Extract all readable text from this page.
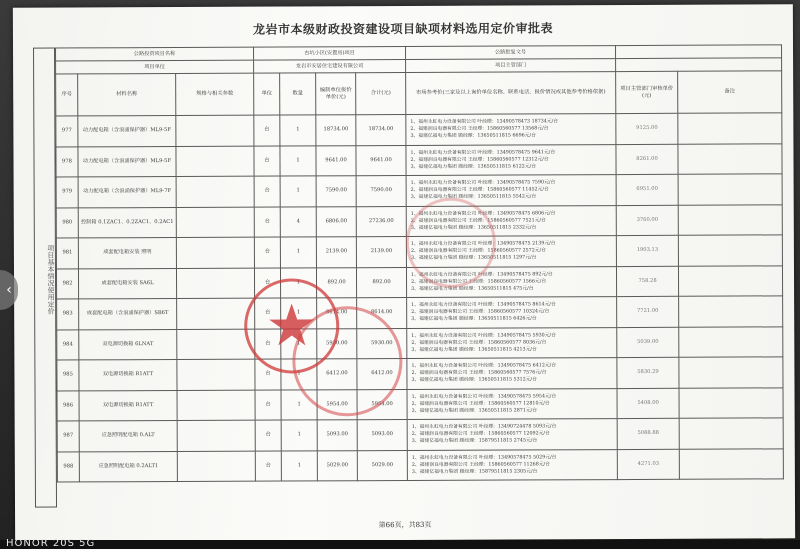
龙岩市本级财政投资建设项目缺项材料选用定价审批表
项目基本情况使用定价
公路投资项目名称			古坑小区(安置房)项目				公路批复文号		
项目单位			龙岩市安居住宅建设有限公司				项目主管部门		
序号	材料名称	规格与相关参数	单位	数量	编制单位报价单价(元)	合计(元)	市场参考价(三家及以上询价单位名称、联系电话、报价情况或其他参考价格依据)	项目主管部门审核单价(元)	备注
977	动力配电箱（含浪涌保护器）ML9-5F		台	1	18734.00	18734.00	1、福州永虹电力设备有限公司 叶经理：13490578473 18734元/台
2、福建润良电器有限公司 王经理：15860560577 13568元/台
3、福建亿福电力集团 顾经理：13650511815 6696元/台	9125.00	
978	动力配电箱（含浪涌保护器）ML9-5F		台	1	9641.00	9641.00	1、福州永虹电力设备有限公司 叶经理：13490578475 9641元/台
2、福建润良电器有限公司 王经理：15860560577 12312元/台
3、福建亿福电力集团 顾经理：13650511815 6122元/台	8261.00	
979	动力配电箱（含浪涌保护器）ML9-7F		台	1	7590.00	7590.00	1、福州永虹电力设备有限公司 叶经理：13490578475 7590元/台
2、福建润良电器有限公司 王经理：15860560577 11452元/台
3、福建亿福电力集团 顾经理：13650511815 5542元/台	6951.00	
980	控制箱 0.1ZAC1、0.2ZAC1、0.2AC1		台	4	6806.00	27236.00	1、福州永虹电力设备有限公司 叶经理：13490578475 6806元/台
2、福建润良电器有限公司 王经理：15860560577 7521元/台
3、福建亿福电力集团 顾经理：13650511815 2332元/台	3760.00	
981	成套配电箱安装 照明		台	1	2139.00	2139.00	1、福州永虹电力设备有限公司 叶经理：13490578475 2139元/台
2、福建润良电器有限公司 王经理：15860560577 2572元/台
3、福建亿福电力集团 顾经理：13650511815 1297元/台	1903.13	
982	成套配电箱安装 SA6L		台	1	892.00	892.00	1、福州永虹电力设备有限公司 叶经理：13490578475 892元/台
2、福建润良电器有限公司 王经理：15860560577 1566元/台
3、福建亿福电力集团 顾经理：13650511815 475元/台	758.28	
983	成套配电箱（含浪涌保护器）SB6T		台	1	8614.00	8614.00	1、福州永虹电力设备有限公司 叶经理：13490578475 8614元/台
2、福建润良电器有限公司 王经理：15860560577 10324元/台
3、福建亿福电力集团 顾经理：13650511815 6426元/台	7721.00	
984	双电源切换箱 6LNAT		台	1	5930.00	5930.00	1、福州永虹电力设备有限公司 叶经理：13490578475 5930元/台
2、福建润良电器有限公司 王经理：15860560577 8036元/台
3、福建亿福电力集团 顾经理：13650511815 4213元/台	5039.00	
985	双电源切换箱 R1ATT		台	1	6412.00	6412.00	1、福州永虹电力设备有限公司 叶经理：13490578475 6412元/台
2、福建润良电器有限公司 王经理：15860560577 7576元/台
3、福建亿福电力集团 顾经理：13650511815 5312元/台	5830.29	
986	双电源切换箱 R1ATT		台	1	5954.00	5954.00	1、福州永虹电力设备有限公司 叶经理：13490578475 5954元/台
2、福建润良电器有限公司 王经理：15860560577 12810元/台
3、福建亿福电力集团 顾经理：13650511815 2871元/台	5408.00	
987	应急照明配电箱 0.ALT		台	1	5093.00	5093.00	1、福州永虹电力设备有限公司 叶经理：13490724478 5093元/台
2、福建润良电器有限公司 王经理：15860560577 12092元/台
3、福建亿福电力集团 顾经理：15879511815 2745元/台	5088.88	
988	应急照明配电箱 0.2ALT1		台	1	5029.00	5029.00	1、福州永虹电力设备有限公司 叶经理：13490578475 5029元/台
2、福建润良电器有限公司 王经理：15860560577 11268元/台
3、福建亿福电力集团 顾经理：15879511815 2305元/台	4271.03	
第66页，共83页
‹
HONOR 20S 5G
